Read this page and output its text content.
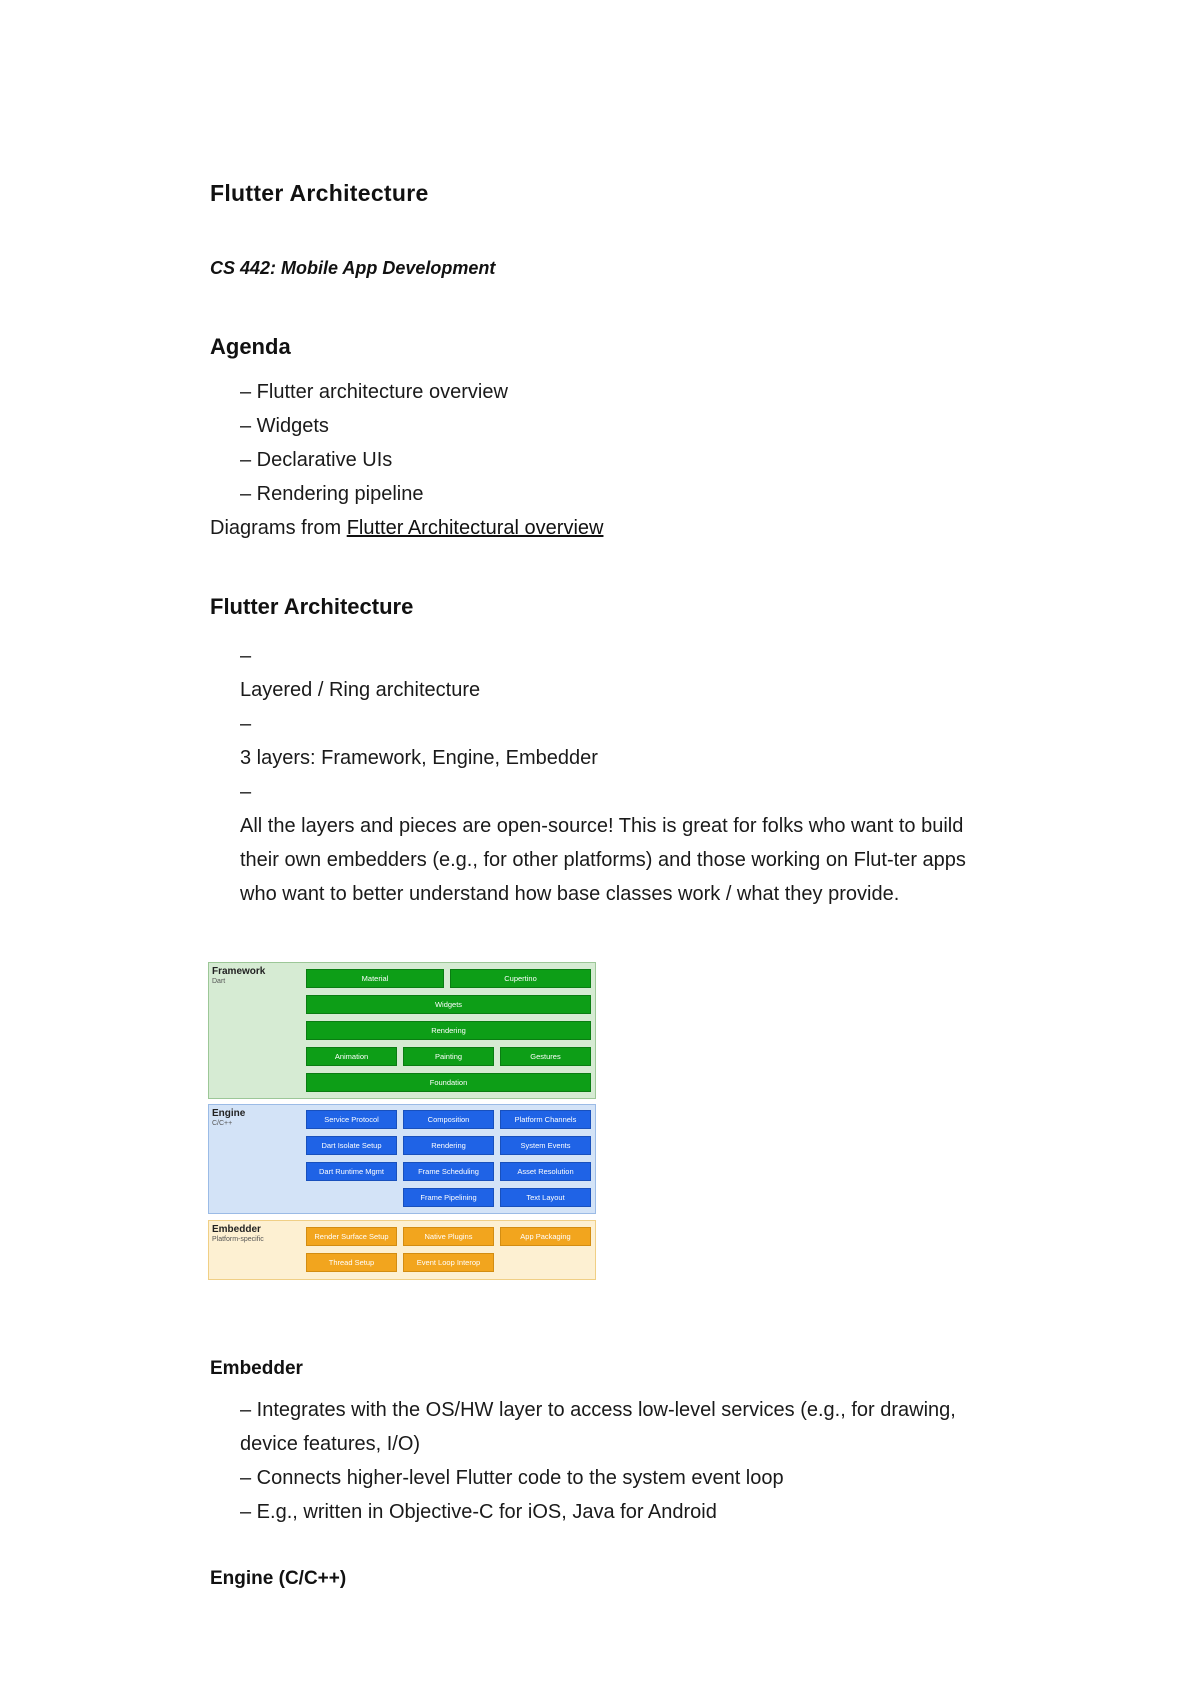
Flutter Architecture

CS 442: Mobile App Development

Agenda

– Flutter architecture overview

– Widgets

– Declarative UIs

– Rendering pipeline

Diagrams from Flutter Architectural overview

Flutter Architecture

–

Layered / Ring architecture

–

3 layers: Framework, Engine, Embedder

–

All the layers and pieces are open-source! This is great for folks who want to build their own embedders (e.g., for other platforms) and those working on Flut-ter apps who want to better understand how base classes work / what they provide.

Embedder

– Integrates with the OS/HW layer to access low-level services (e.g., for drawing,

device features, I/O)

– Connects higher-level Flutter code to the system event loop

– E.g., written in Objective-C for iOS, Java for Android

Engine (C/C++)
Framework
Dart	Material	Cupertino
Widgets
Rendering
Animation	Painting	Gestures
Foundation
Engine
C/C++	Service Protocol	Composition	Platform Channels
Dart Isolate Setup	Rendering	System Events
Dart Runtime Mgmt	Frame Scheduling	Asset Resolution
Frame Pipelining	Text Layout
Embedder
Platform-specific	Render Surface Setup	Native Plugins	App Packaging
Thread Setup	Event Loop Interop
